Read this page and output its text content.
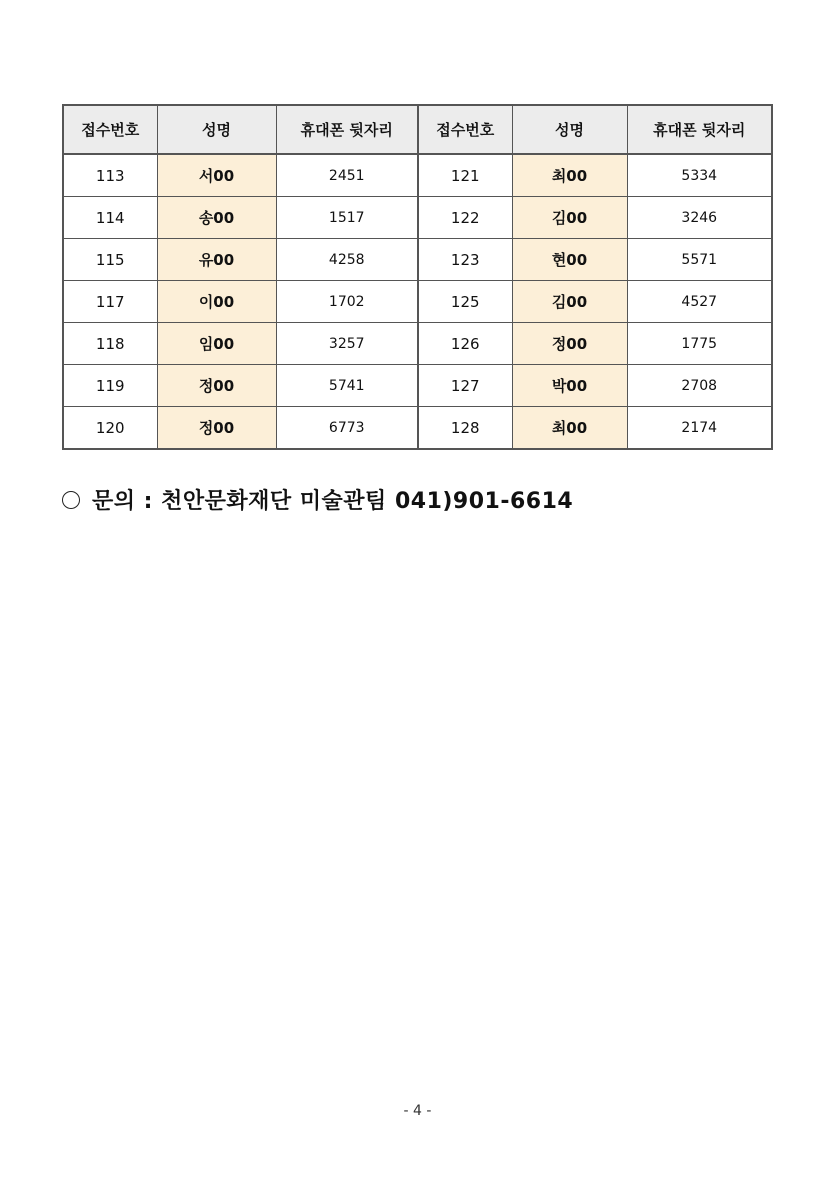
접수번호	성명	휴대폰 뒷자리	접수번호	성명	휴대폰 뒷자리
113	서00	2451	121	최00	5334
114	송00	1517	122	김00	3246
115	유00	4258	123	현00	5571
117	이00	1702	125	김00	4527
118	임00	3257	126	정00	1775
119	정00	5741	127	박00	2708
120	정00	6773	128	최00	2174
문의 : 천안문화재단 미술관팀 041)901-6614
- 4 -
